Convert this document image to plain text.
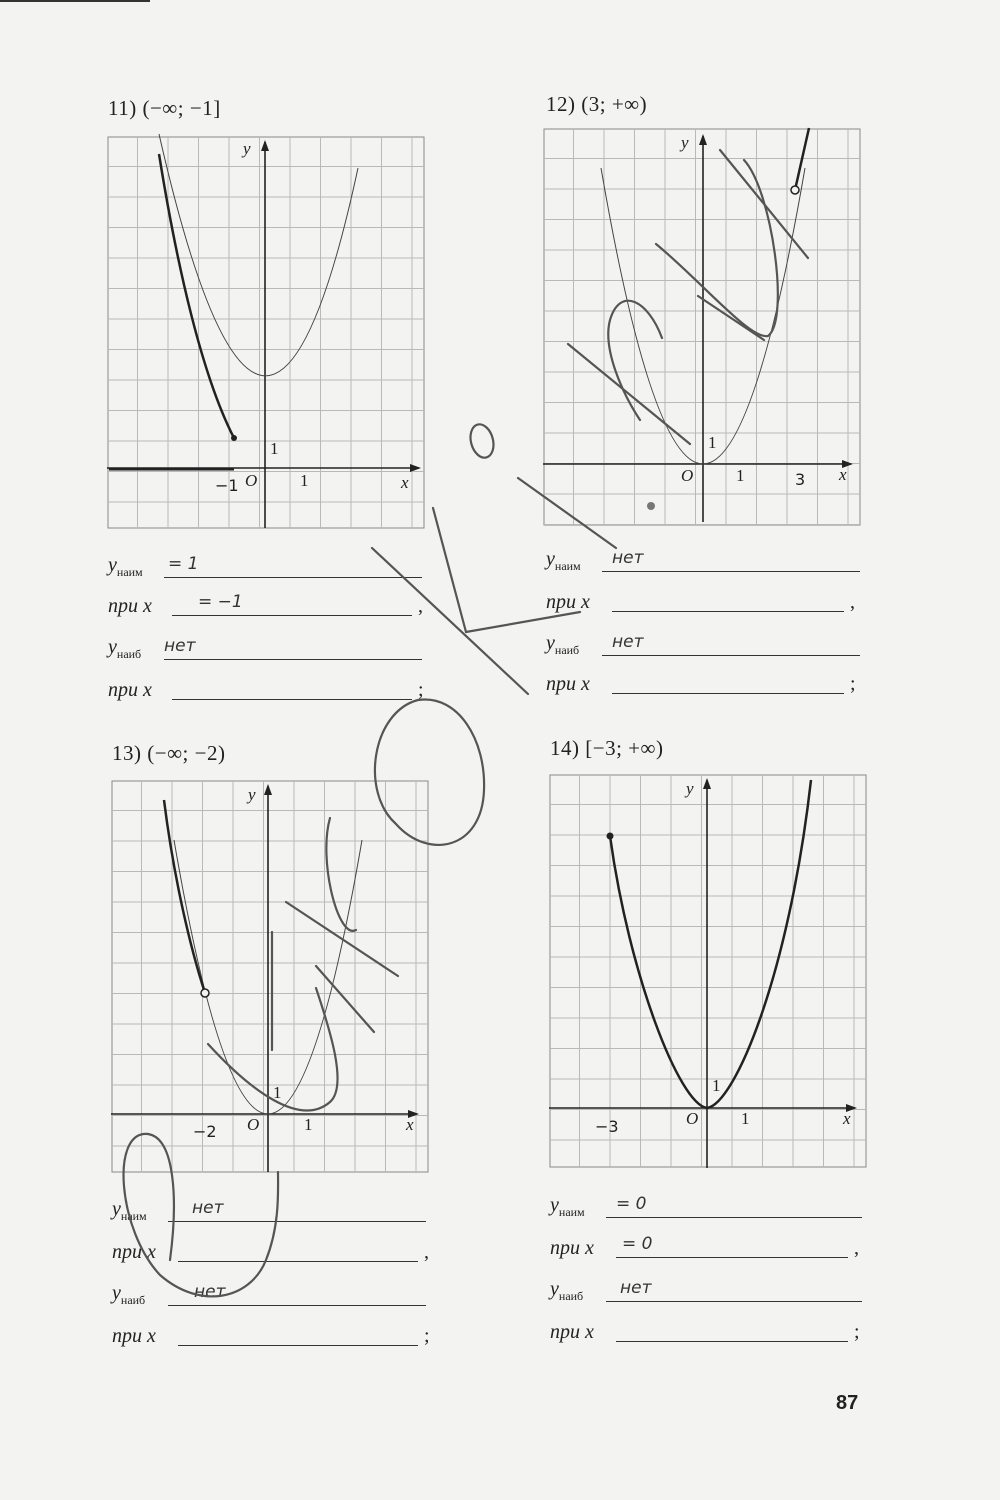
11) (−∞; −1]
y
x
O	1
1
−1
$y_{наим} = 1$
при x	= −1	,
$y_{наиб}$ нет
при x	;
12) (3; +∞)
y
x
O	1
1
3
$y_{наим}$ нет
при x	,
$y_{наиб}$ нет
при x	;
13) (−∞; −2)
y
x
O	1
1
−2
$y_{наим}$	нет
при x	,
$y_{наиб}$	нет
при x	;
14) [−3; +∞)
y
x
O	1
1
−3
$y_{наим} = 0$
при x = 0	,
$y_{наиб}$ нет
при x	;
87
